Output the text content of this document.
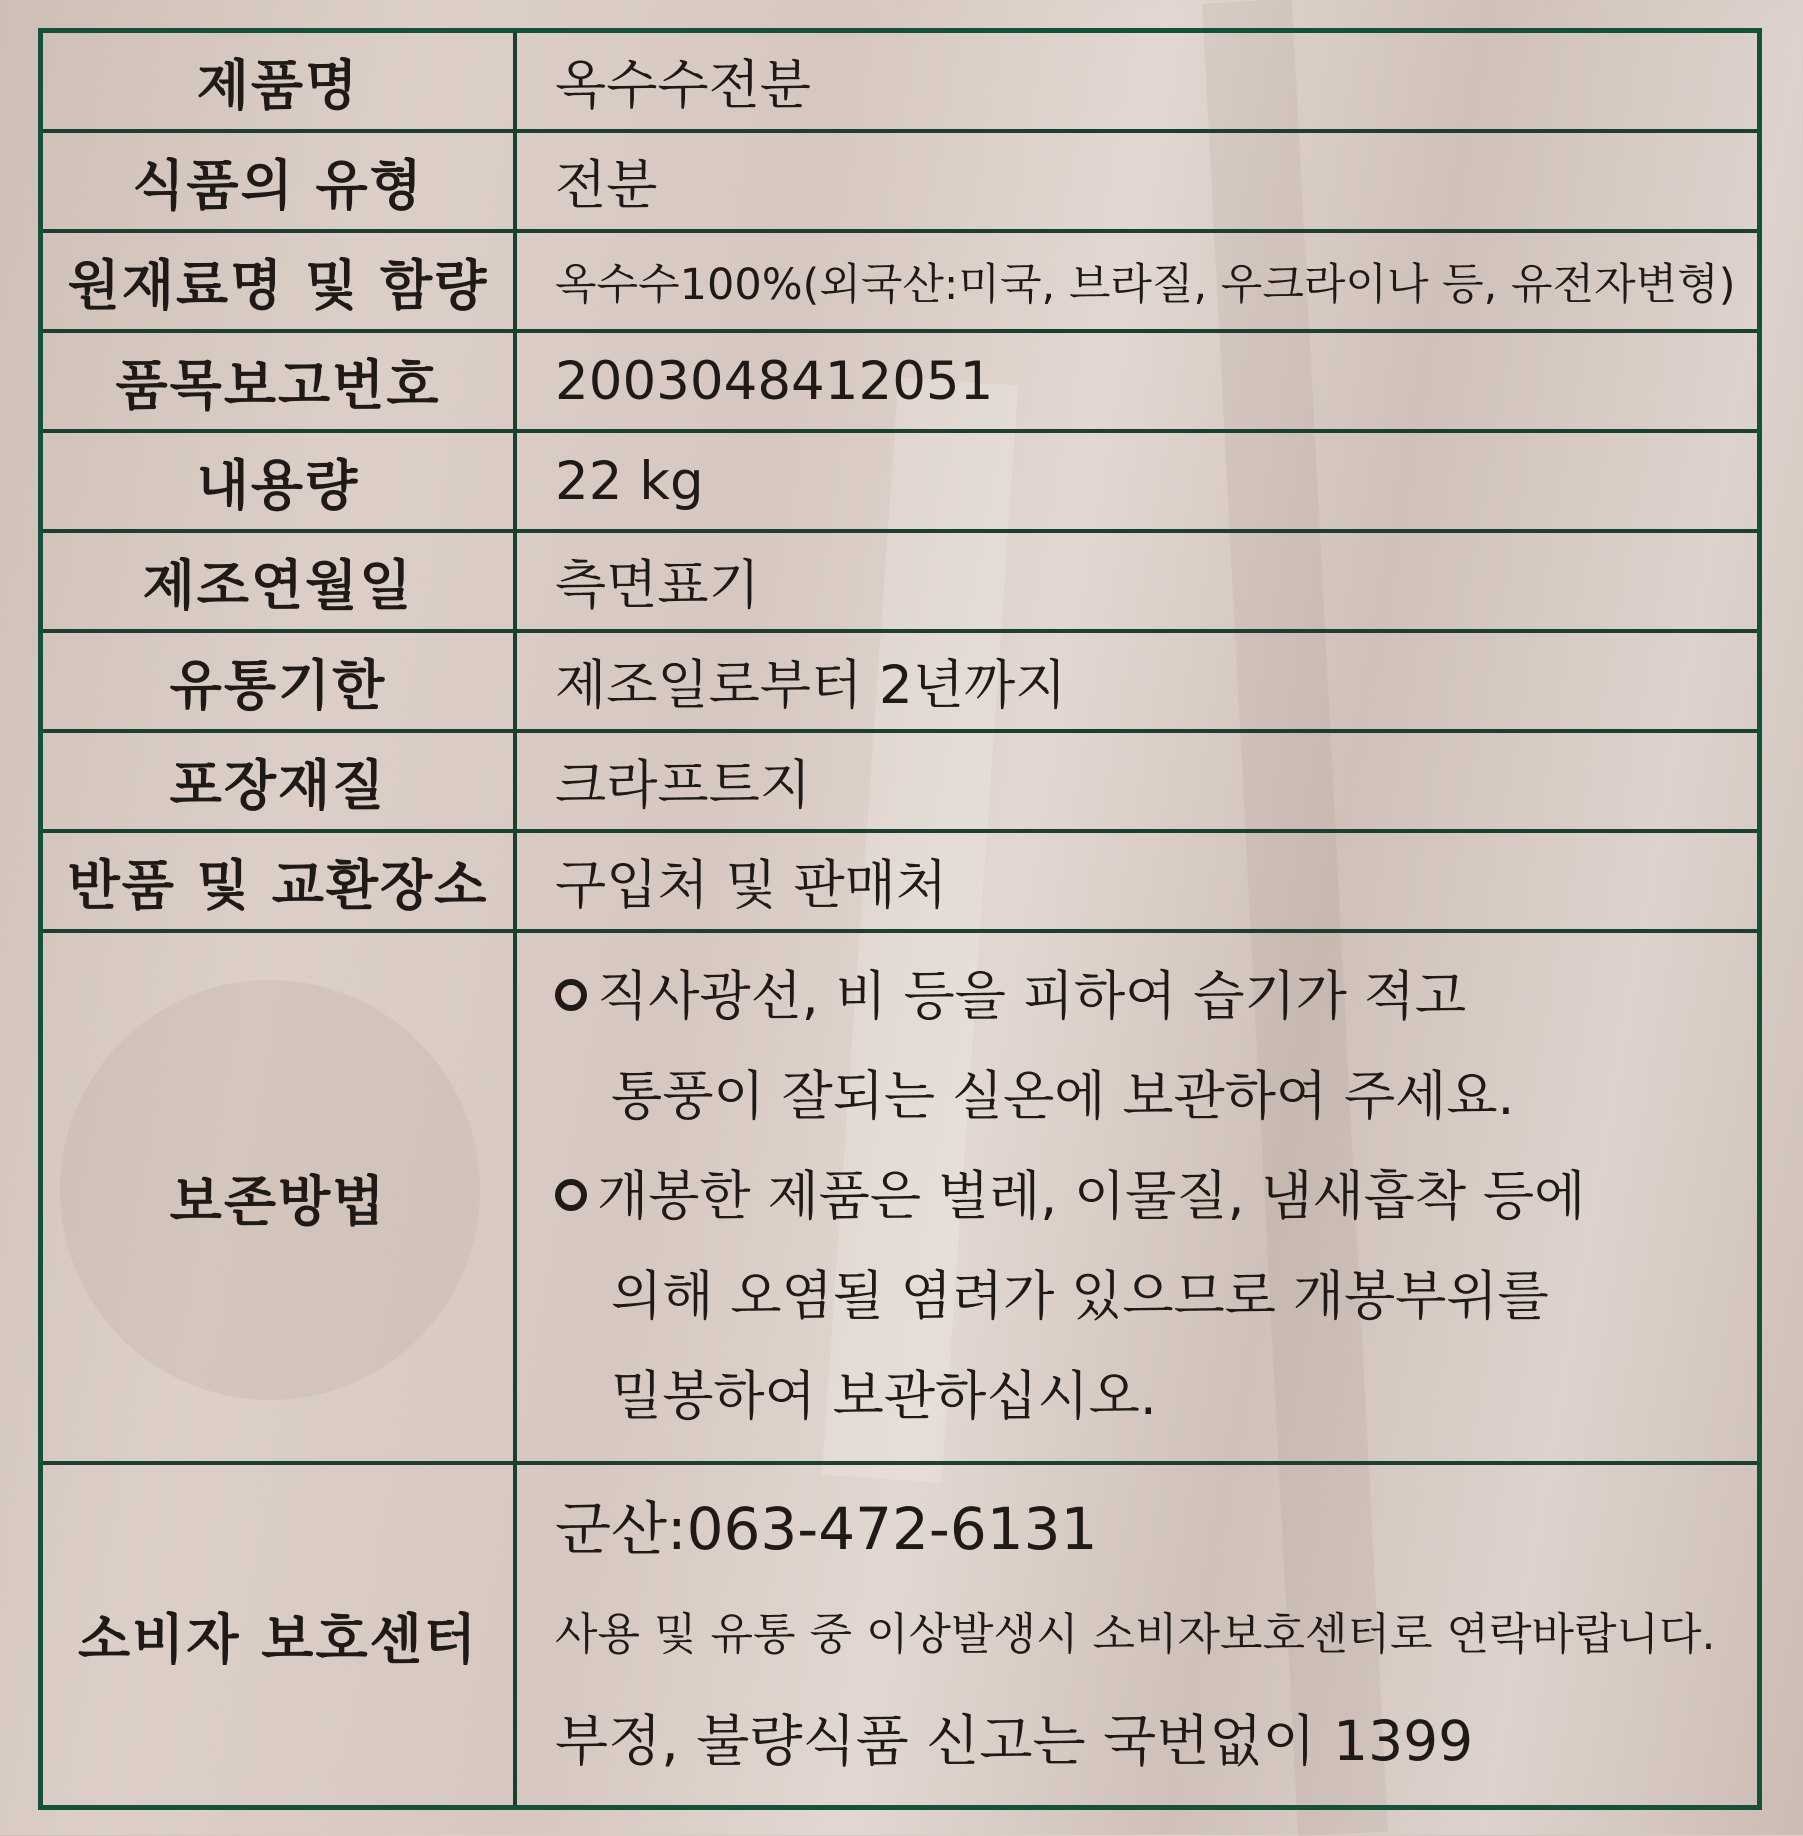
제품명	옥수수전분
식품의 유형	전분
원재료명 및 함량	옥수수100%(외국산:미국, 브라질, 우크라이나 등, 유전자변형)
품목보고번호	2003048412051
내용량	22 kg
제조연월일	측면표기
유통기한	제조일로부터 2년까지
포장재질	크라프트지
반품 및 교환장소	구입처 및 판매처
보존방법	직사광선, 비 등을 피하여 습기가 적고
통풍이 잘되는 실온에 보관하여 주세요.
개봉한 제품은 벌레, 이물질, 냄새흡착 등에
의해 오염될 염려가 있으므로 개봉부위를
밀봉하여 보관하십시오.

소비자 보호센터	군산:063-472-6131
사용 및 유통 중 이상발생시 소비자보호센터로 연락바랍니다.
부정, 불량식품 신고는 국번없이 1399
